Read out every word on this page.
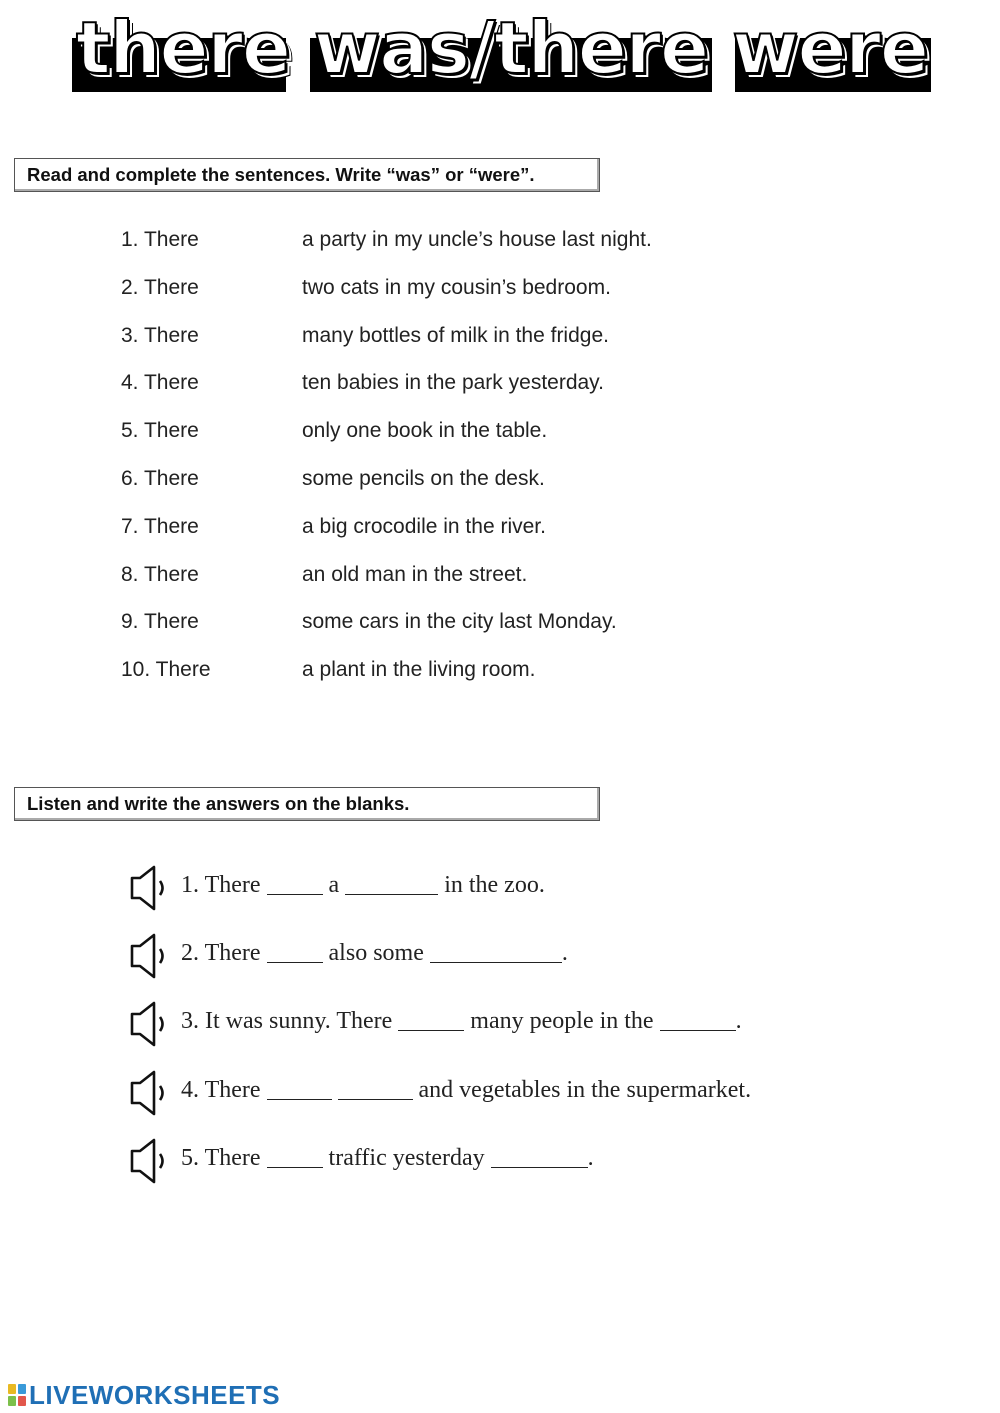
there was/there were
Read and complete the sentences. Write “was” or “were”.
1. There	a party in my uncle’s house last night.
2. There	two cats in my cousin’s bedroom.
3. There	many bottles of milk in the fridge.
4. There	ten babies in the park yesterday.
5. There	only one book in the table.
6. There	some pencils on the desk.
7. There	a big crocodile in the river.
8. There	an old man in the street.
9. There	some cars in the city last Monday.
10. There	a plant in the living room.
Listen and write the answers on the blanks.
1. There  a	in the zoo.
2. There  also some	.
3. It was sunny. There	many people in the	.
4. There	and vegetables in the supermarket.
5. There  traffic yesterday	.
LIVEWORKSHEETS
